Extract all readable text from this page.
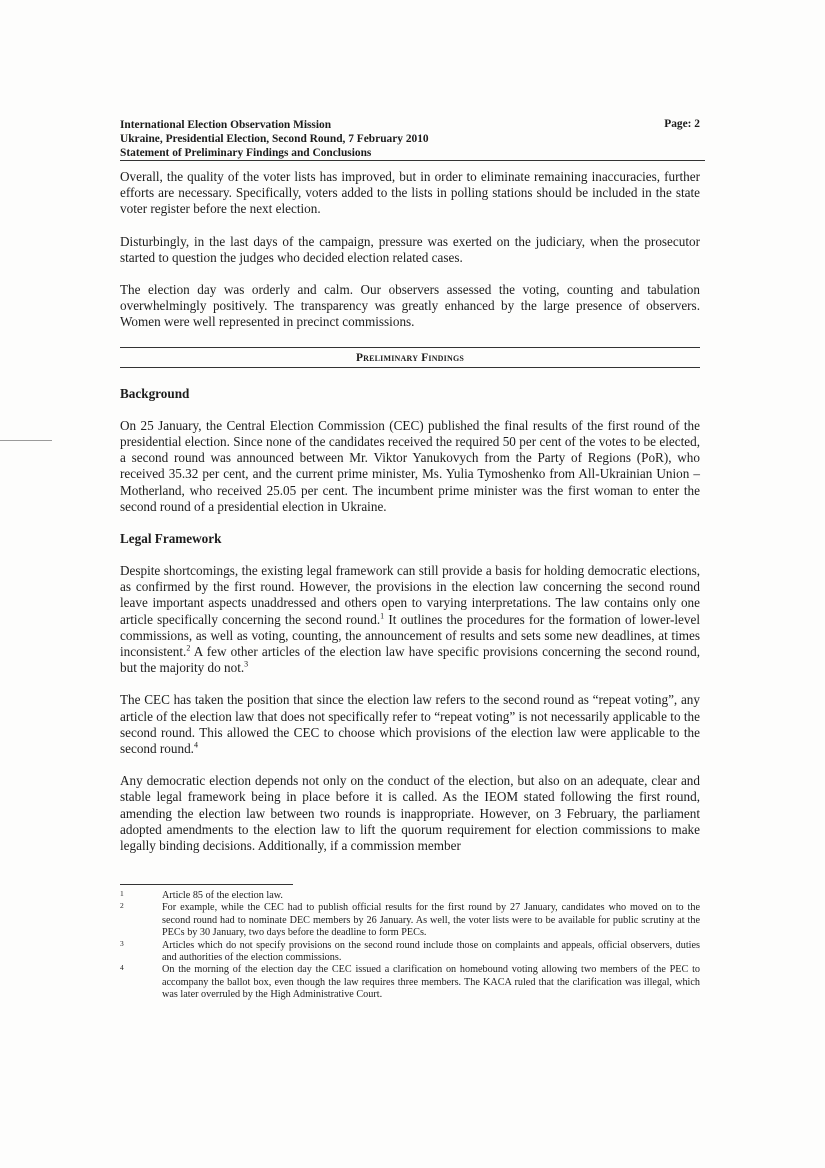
International Election Observation Mission
Ukraine, Presidential Election, Second Round, 7 February 2010
Statement of Preliminary Findings and Conclusions
Page: 2

Overall, the quality of the voter lists has improved, but in order to eliminate remaining inaccuracies, further efforts are necessary. Specifically, voters added to the lists in polling stations should be included in the state voter register before the next election.

Disturbingly, in the last days of the campaign, pressure was exerted on the judiciary, when the prosecutor started to question the judges who decided election related cases.

The election day was orderly and calm. Our observers assessed the voting, counting and tabulation overwhelmingly positively. The transparency was greatly enhanced by the large presence of observers. Women were well represented in precinct commissions.

Preliminary Findings
Background

On 25 January, the Central Election Commission (CEC) published the final results of the first round of the presidential election. Since none of the candidates received the required 50 per cent of the votes to be elected, a second round was announced between Mr. Viktor Yanukovych from the Party of Regions (PoR), who received 35.32 per cent, and the current prime minister, Ms. Yulia Tymoshenko from All-Ukrainian Union – Motherland, who received 25.05 per cent. The incumbent prime minister was the first woman to enter the second round of a presidential election in Ukraine.

Legal Framework

Despite shortcomings, the existing legal framework can still provide a basis for holding democratic elections, as confirmed by the first round. However, the provisions in the election law concerning the second round leave important aspects unaddressed and others open to varying interpretations. The law contains only one article specifically concerning the second round.$^1$ It outlines the procedures for the formation of lower-level commissions, as well as voting, counting, the announcement of results and sets some new deadlines, at times inconsistent.$^2$ A few other articles of the election law have specific provisions concerning the second round, but the majority do not.$^3$

The CEC has taken the position that since the election law refers to the second round as “repeat voting”, any article of the election law that does not specifically refer to “repeat voting” is not necessarily applicable to the second round. This allowed the CEC to choose which provisions of the election law were applicable to the second round.$^4$

Any democratic election depends not only on the conduct of the election, but also on an adequate, clear and stable legal framework being in place before it is called. As the IEOM stated following the first round, amending the election law between two rounds is inappropriate. However, on 3 February, the parliament adopted amendments to the election law to lift the quorum requirement for election commissions to make legally binding decisions. Additionally, if a commission member

1	Article 85 of the election law.
2	For example, while the CEC had to publish official results for the first round by 27 January, candidates who moved on to the second round had to nominate DEC members by 26 January. As well, the voter lists were to be available for public scrutiny at the PECs by 30 January, two days before the deadline to form PECs.
3	Articles which do not specify provisions on the second round include those on complaints and appeals, official observers, duties and authorities of the election commissions.
4	On the morning of the election day the CEC issued a clarification on homebound voting allowing two members of the PEC to accompany the ballot box, even though the law requires three members. The KACA ruled that the clarification was illegal, which was later overruled by the High Administrative Court.
